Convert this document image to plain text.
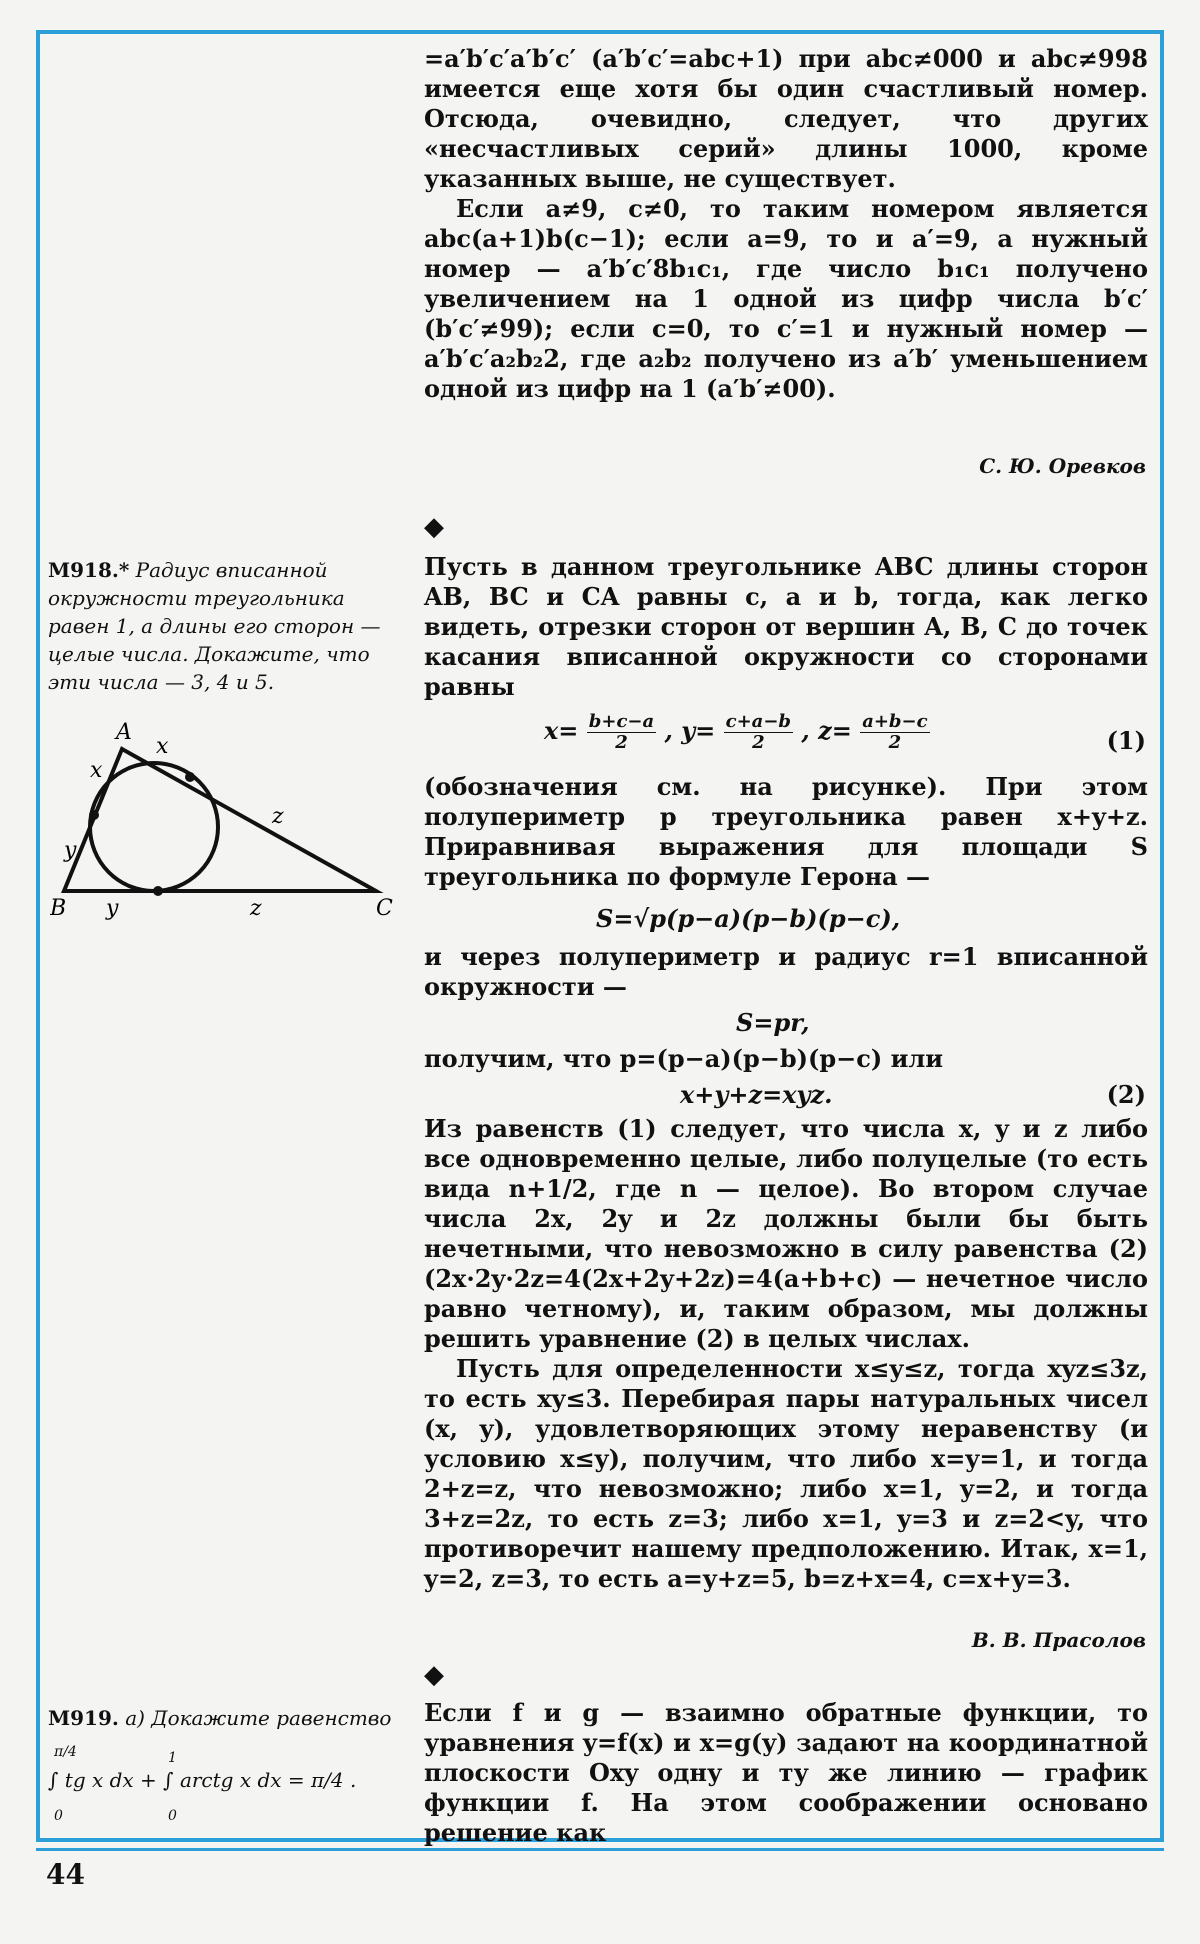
=a′b′c′a′b′c′ (a′b′c′=abc+1) при abc≠000 и abc≠998 имеется еще хотя бы один счастливый номер. Отсюда, очевидно, следует, что других «несчастливых серий» длины 1000, кроме указанных выше, не существует.

Если a≠9, c≠0, то таким номером является abc(a+1)b(c−1); если a=9, то и a′=9, а нужный номер — a′b′c′8b₁c₁, где число b₁c₁ получено увеличением на 1 одной из цифр числа b′c′ (b′c′≠99); если c=0, то c′=1 и нужный номер — a′b′c′a₂b₂2, где a₂b₂ получено из a′b′ уменьшением одной из цифр на 1 (a′b′≠00).

С. Ю. Оревков
◆
М918.* Радиус вписанной окружности треугольника равен 1, а длины его сторон — целые числа. Докажите, что эти числа — 3, 4 и 5.
A
B	C
x
x
y
y
z
z

Пусть в данном треугольнике ABC длины сторон AB, BC и CA равны c, a и b, тогда, как легко видеть, отрезки сторон от вершин A, B, C до точек касания вписанной окружности со сторонами равны

$x= \frac{b+c-a}{2}$ , $y= \frac{c+a-b}{2}$ , $z= \frac{a+b-c}{2}$	(1)

(обозначения см. на рисунке). При этом полупериметр p треугольника равен x+y+z. Приравнивая выражения для площади S треугольника по формуле Герона —

S=√p(p−a)(p−b)(p−c),

и через полупериметр и радиус r=1 вписанной окружности —

S=pr,

получим, что p=(p−a)(p−b)(p−c) или

x+y+z=xyz.	(2)

Из равенств (1) следует, что числа x, y и z либо все одновременно целые, либо полуцелые (то есть вида n+1/2, где n — целое). Во втором случае числа 2x, 2y и 2z должны были бы быть нечетными, что невозможно в силу равенства (2) (2x·2y·2z=4(2x+2y+2z)=4(a+b+c) — нечетное число равно четному), и, таким образом, мы должны решить уравнение (2) в целых числах.

Пусть для определенности x≤y≤z, тогда xyz≤3z, то есть xy≤3. Перебирая пары натуральных чисел (x, y), удовлетворяющих этому неравенству (и условию x≤y), получим, что либо x=y=1, и тогда 2+z=z, что невозможно; либо x=1, y=2, и тогда 3+z=2z, то есть z=3; либо x=1, y=3 и z=2<y, что противоречит нашему предположению. Итак, x=1, y=2, z=3, то есть a=y+z=5, b=z+x=4, c=x+y=3.

В. В. Прасолов
◆
М919. а) Докажите равенство
π/4	1
∫ tg x dx + ∫ arctg x dx = π/4 .
0	0

Если f и g — взаимно обратные функции, то уравнения y=f(x) и x=g(y) задают на координатной плоскости Oxy одну и ту же линию — график функции f. На этом соображении основано решение как

44
